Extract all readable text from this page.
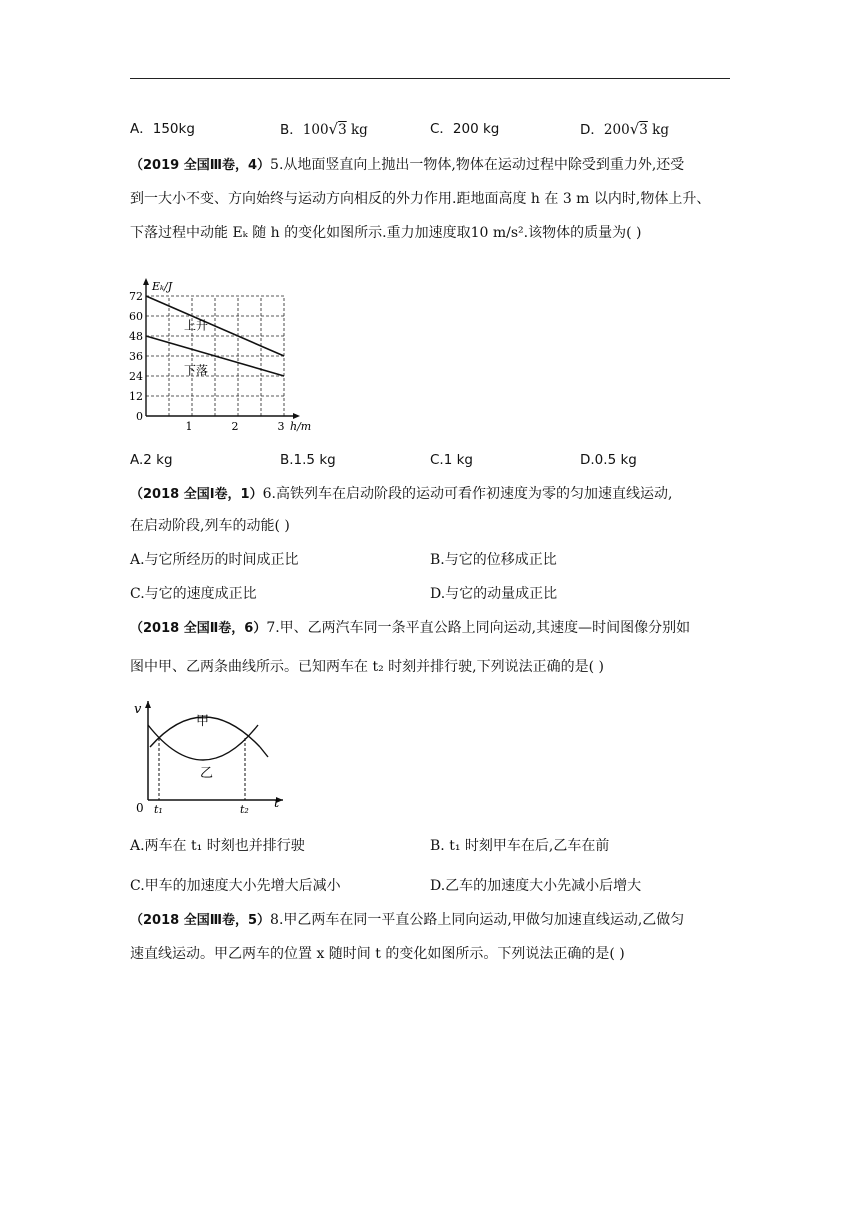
A．150kg	B．100√3 kg	C．200 kg	D．200√3 kg
（2019 全国Ⅲ卷，4）5.从地面竖直向上抛出一物体,物体在运动过程中除受到重力外,还受
到一大小不变、方向始终与运动方向相反的外力作用.距地面高度 h 在 3 m 以内时,物体上升、
下落过程中动能 Eₖ 随 h 的变化如图所示.重力加速度取10 m/s².该物体的质量为( )
0
12
24
36
48
60
72
1	2	3
Eₖ/J
h/m
上升
下落
A.2 kg	B.1.5 kg	C.1 kg	D.0.5 kg
（2018 全国Ⅰ卷，1）6.高铁列车在启动阶段的运动可看作初速度为零的匀加速直线运动,
在启动阶段,列车的动能( )
A.与它所经历的时间成正比	B.与它的位移成正比
C.与它的速度成正比	D.与它的动量成正比
（2018 全国Ⅱ卷，6）7.甲、乙两汽车同一条平直公路上同向运动,其速度—时间图像分别如
图中甲、乙两条曲线所示。已知两车在 t₂ 时刻并排行驶,下列说法正确的是( )
v
t
0 t₁	t₂
甲
乙
A.两车在 t₁ 时刻也并排行驶	B. t₁ 时刻甲车在后,乙车在前
C.甲车的加速度大小先增大后减小	D.乙车的加速度大小先减小后增大
（2018 全国Ⅲ卷，5）8.甲乙两车在同一平直公路上同向运动,甲做匀加速直线运动,乙做匀
速直线运动。甲乙两车的位置 x 随时间 t 的变化如图所示。下列说法正确的是( )
